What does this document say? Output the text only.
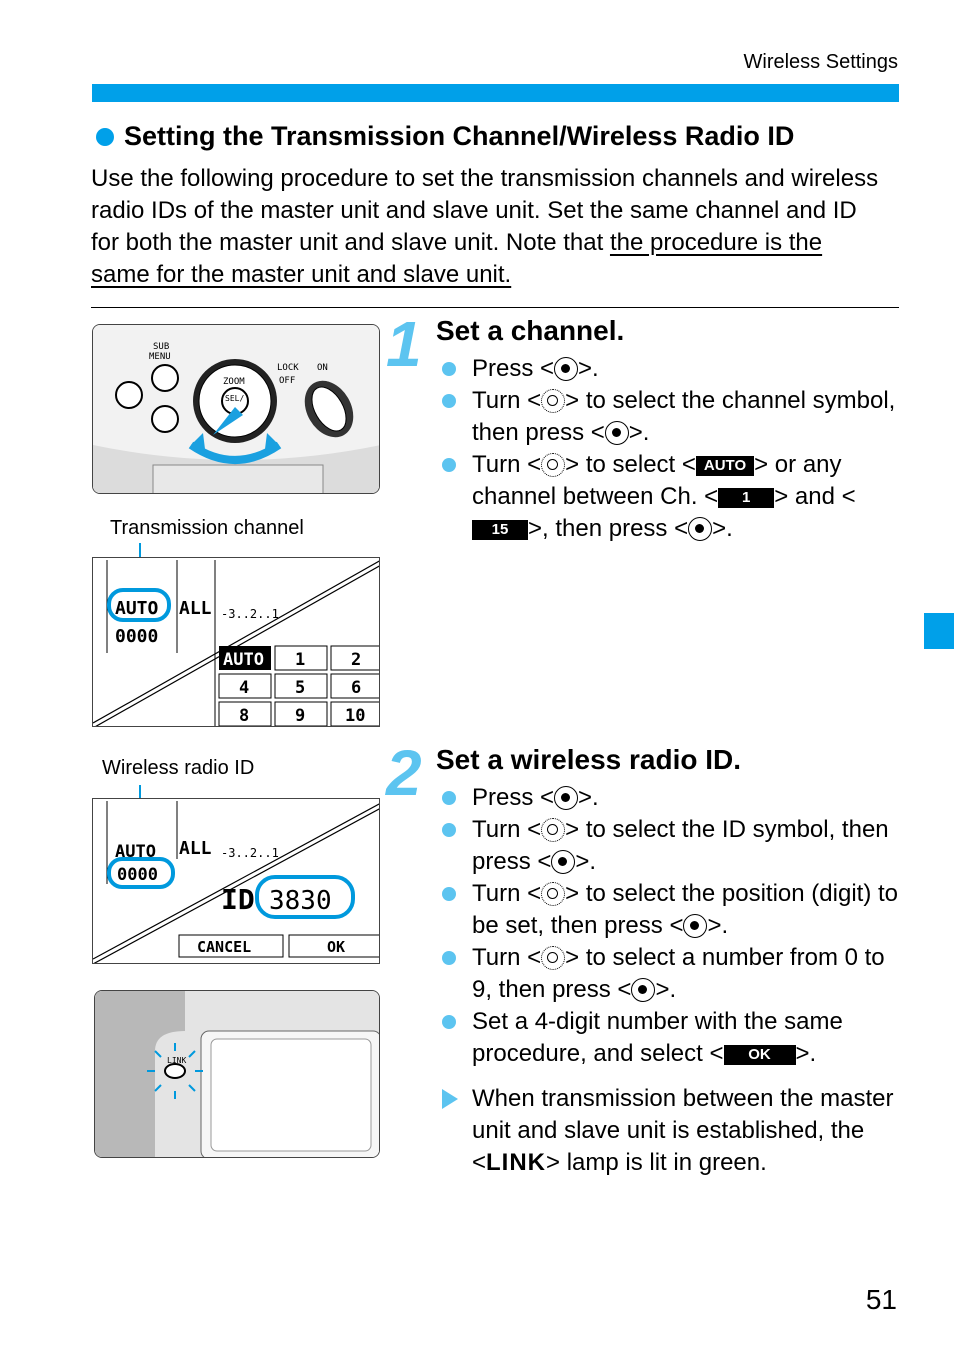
Wireless Settings
Setting the Transmission Channel/Wireless Radio ID
Use the following procedure to set the transmission channels and wireless radio IDs of the master unit and slave unit. Set the same channel and ID for both the master unit and slave unit. Note that the procedure is the same for the master unit and slave unit.
SUB
MENU
ZOOM
SEL/
LOCK
OFF
ON
Transmission channel
AUTO
0000
ALL -3..2..1
AUTO 1	2
4	5	6
8	9 10
1 Set a channel.
Press < >.
Turn < > to select the channel symbol, then press < >.
Turn < > to select < AUTO > or any channel between Ch. < 1 > and <15 >, then press < >.
Wireless radio ID
AUTO
0000
ALL -3..2..1
ID 3830
CANCEL	OK
LINK
2 Set a wireless radio ID.
Press < >.
Turn < > to select the ID symbol, then press < >.
Turn < > to select the position (digit) to be set, then press < >.
Turn < > to select a number from 0 to 9, then press < >.
Set a 4-digit number with the same procedure, and select < OK >.
When transmission between the master unit and slave unit is established, the <LINK> lamp is lit in green.
51
